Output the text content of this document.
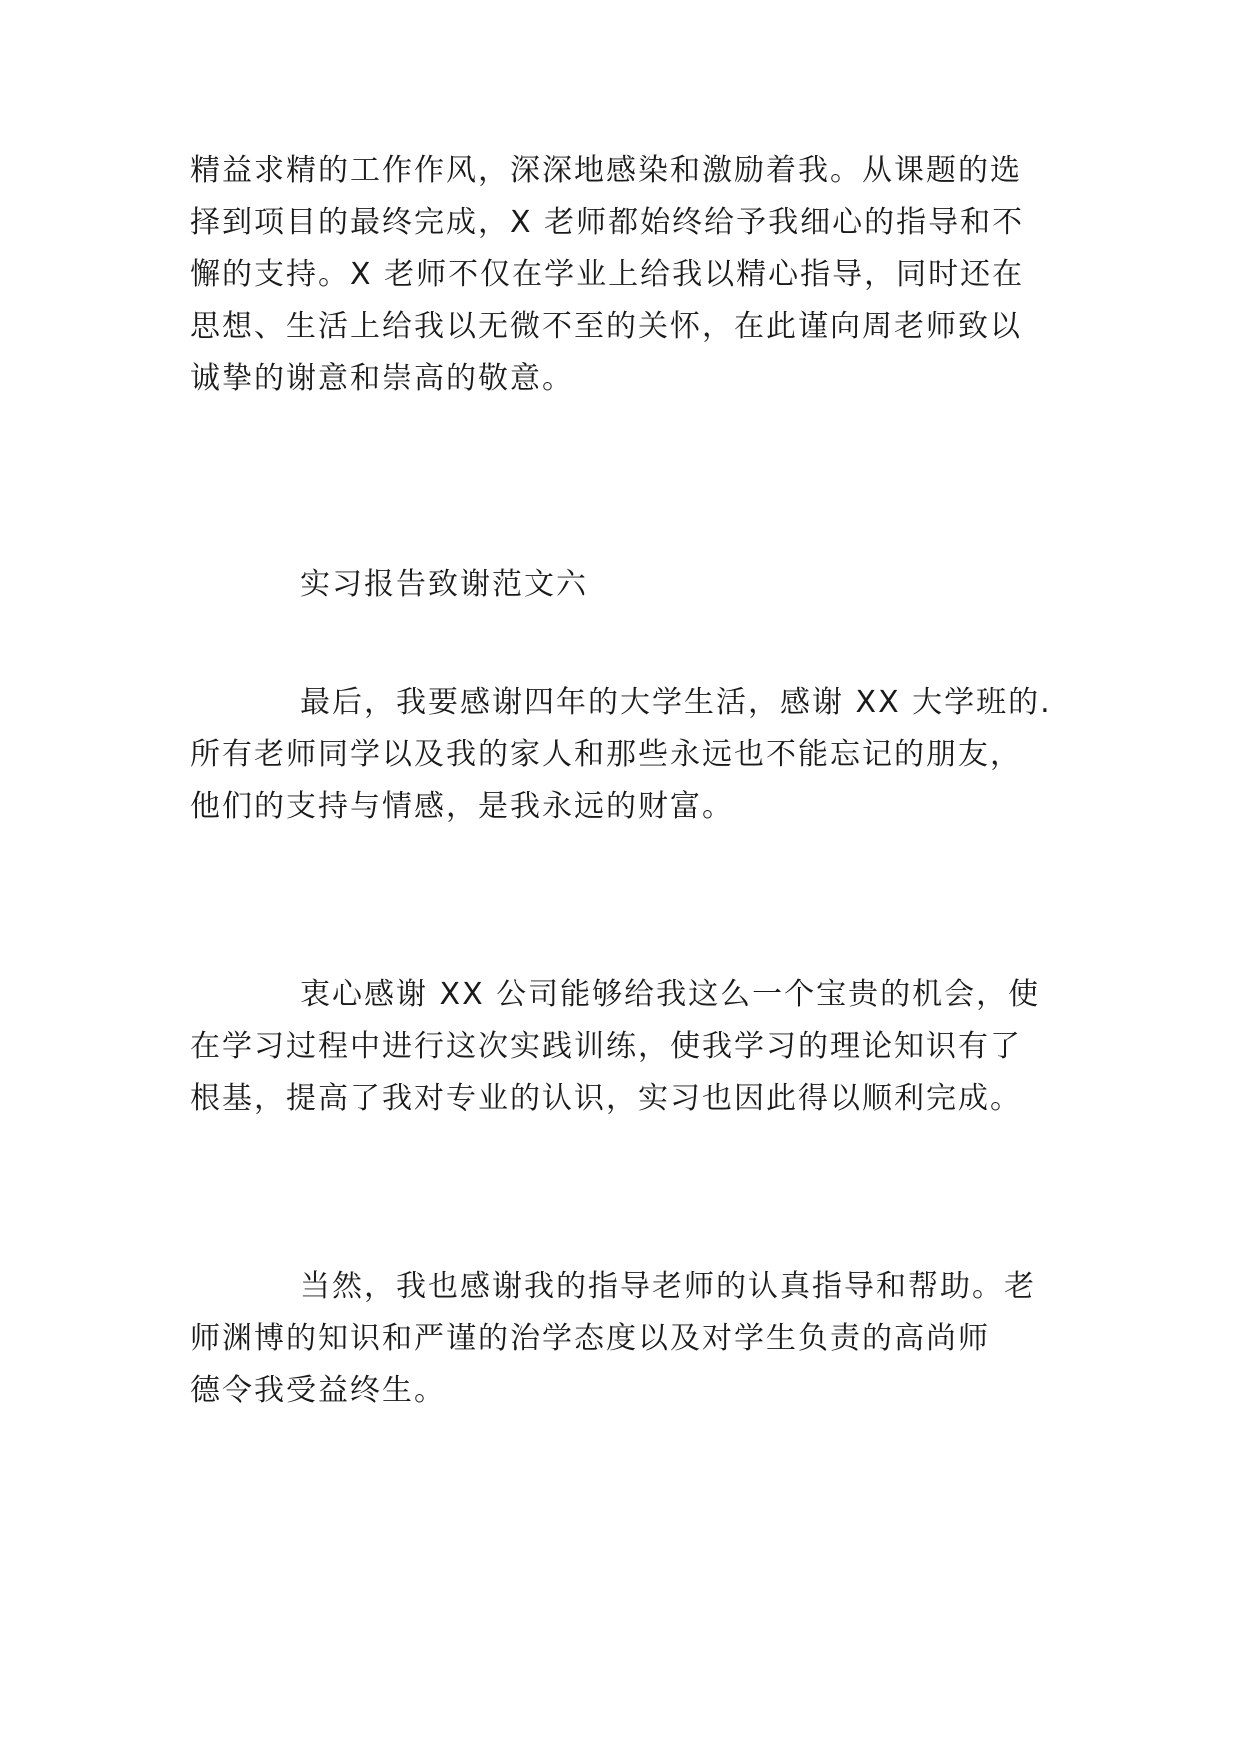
精益求精的工作作风，深深地感染和激励着我。从课题的选

择到项目的最终完成，X 老师都始终给予我细心的指导和不

懈的支持。X 老师不仅在学业上给我以精心指导，同时还在

思想、生活上给我以无微不至的关怀，在此谨向周老师致以

诚挚的谢意和崇高的敬意。

实习报告致谢范文六

最后，我要感谢四年的大学生活，感谢 XX 大学班的.

所有老师同学以及我的家人和那些永远也不能忘记的朋友，

他们的支持与情感，是我永远的财富。

衷心感谢 XX 公司能够给我这么一个宝贵的机会，使

在学习过程中进行这次实践训练，使我学习的理论知识有了

根基，提高了我对专业的认识，实习也因此得以顺利完成。

当然，我也感谢我的指导老师的认真指导和帮助。老

师渊博的知识和严谨的治学态度以及对学生负责的高尚师

德令我受益终生。
